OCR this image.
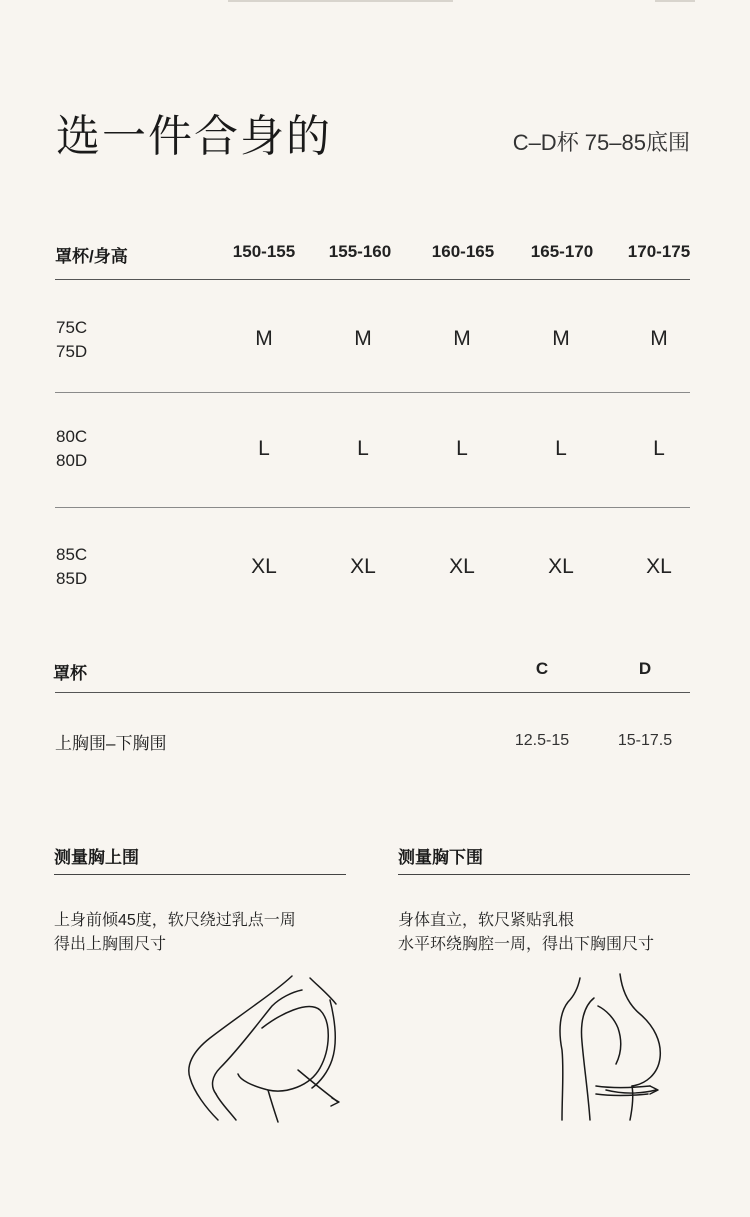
选一件合身的	C–D杯 75–85底围
罩杯/身高	150-155	155-160	160-165	165-170	170-175
75C
75D
M	M	M	M	M
80C
80D
L	L	L	L	L
85C
85D
XL	XL	XL	XL	XL
罩杯	C	D
上胸围–下胸围	12.5-15	15-17.5
测量胸上围
上身前倾45度，软尺绕过乳点一周
得出上胸围尺寸
测量胸下围
身体直立，软尺紧贴乳根
水平环绕胸腔一周，得出下胸围尺寸
